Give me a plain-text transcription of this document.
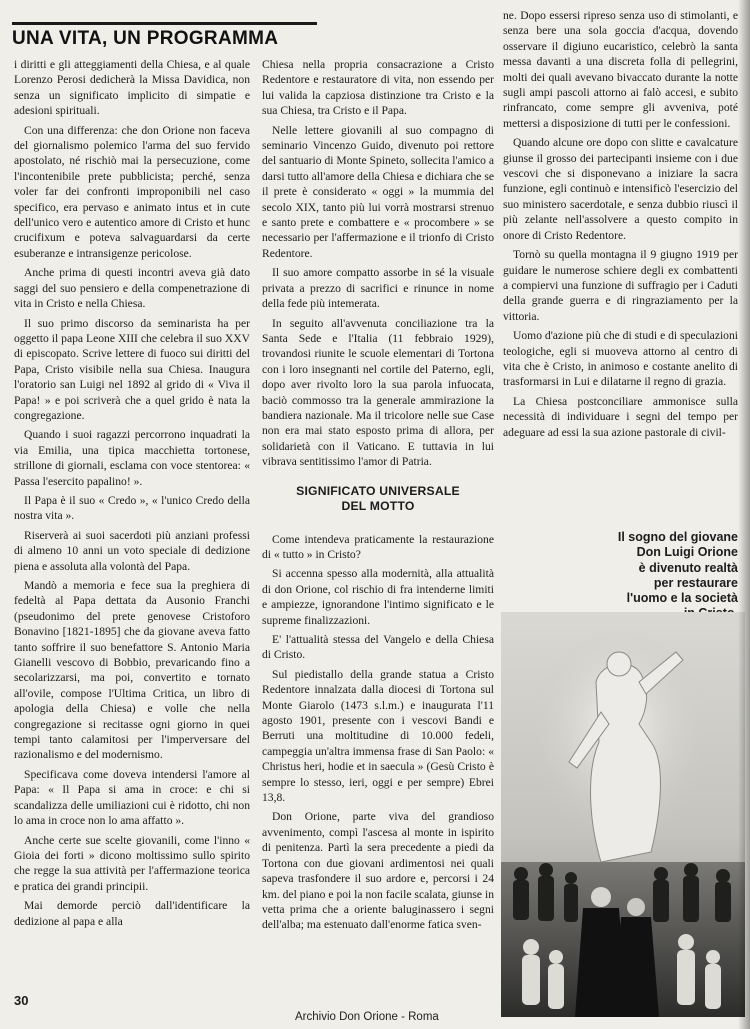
UNA VITA, UN PROGRAMMA

i diritti e gli atteggiamenti della Chiesa, e al quale Lorenzo Perosi dedicherà la Missa Davidica, non senza un significato implicito di simpatie e adesioni spirituali.

Con una differenza: che don Orione non faceva del giornalismo polemico l'arma del suo fervido apostolato, né rischiò mai la persecuzione, come l'incontenibile prete pubblicista; perché, senza voler far dei confronti improponibili nel caso specifico, era pervaso e animato intus et in cute dell'unico vero e autentico amore di Cristo et hunc crucifixum e poteva salvaguardarsi da certe esuberanze e intransigenze pericolose.

Anche prima di questi incontri aveva già dato saggi del suo pensiero e della compenetrazione di vita in Cristo e nella Chiesa.

Il suo primo discorso da seminarista ha per oggetto il papa Leone XIII che celebra il suo XXV di episcopato. Scrive lettere di fuoco sui diritti del Papa, Cristo visibile nella sua Chiesa. Inaugura l'oratorio san Luigi nel 1892 al grido di « Viva il Papa! » e poi scriverà che a quel grido è nata la congregazione.

Quando i suoi ragazzi percorrono inquadrati la via Emilia, una tipica macchietta tortonese, strillone di giornali, esclama con voce stentorea: « Passa l'esercito papalino! ».

Il Papa è il suo « Credo », « l'unico Credo della nostra vita ».

Riserverà ai suoi sacerdoti più anziani professi di almeno 10 anni un voto speciale di dedizione piena e assoluta alla volontà del Papa.

Mandò a memoria e fece sua la preghiera di fedeltà al Papa dettata da Ausonio Franchi (pseudonimo del prete genovese Cristoforo Bonavino [1821-1895] che da giovane aveva fatto tanto soffrire il suo benefattore S. Antonio Maria Gianelli vescovo di Bobbio, prevaricando fino a secolarizzarsi, ma poi, convertito e tornato all'ovile, compose l'Ultima Critica, un libro di apologia della Chiesa) e volle che nella congregazione si recitasse ogni giorno in quei tempi tanto calamitosi per l'imperversare del razionalismo e del modernismo.

Specificava come doveva intendersi l'amore al Papa: « Il Papa si ama in croce: e chi si scandalizza delle umiliazioni cui è ridotto, chi non lo ama in croce non lo ama affatto ».

Anche certe sue scelte giovanili, come l'inno « Gioia dei forti » dicono moltissimo sullo spirito che regge la sua attività per l'affermazione teorica e pratica dei grandi principii.

Mai demorde perciò dall'identificare la dedizione al papa e alla

Chiesa nella propria consacrazione a Cristo Redentore e restauratore di vita, non essendo per lui valida la capziosa distinzione tra Cristo e la sua Chiesa, tra Cristo e il Papa.

Nelle lettere giovanili al suo compagno di seminario Vincenzo Guido, divenuto poi rettore del santuario di Monte Spineto, sollecita l'amico a darsi tutto all'amore della Chiesa e dichiara che se il prete è considerato « oggi » la mummia del secolo XIX, tanto più lui vorrà mostrarsi strenuo e santo prete e combattere e « procombere » se necessario per l'affermazione e il trionfo di Cristo Redentore.

Il suo amore compatto assorbe in sé la visuale privata a prezzo di sacrifici e rinunce in nome della fede più intemerata.

In seguito all'avvenuta conciliazione tra la Santa Sede e l'Italia (11 febbraio 1929), trovandosi riunite le scuole elementari di Tortona con i loro insegnanti nel cortile del Paterno, egli, dopo aver rivolto loro la sua parola infuocata, baciò commosso tra la generale ammirazione la bandiera nazionale. Ma il tricolore nelle sue Case non era mai stato esposto prima di allora, per solidarietà con il Vaticano. E tuttavia in lui vibrava sentitissimo l'amor di Patria.

SIGNIFICATO UNIVERSALE
DEL MOTTO

Come intendeva praticamente la restaurazione di « tutto » in Cristo?

Si accenna spesso alla modernità, alla attualità di don Orione, col rischio di fra intenderne limiti e ampiezze, ignorandone l'intimo significato e le supreme finalizzazioni.

E' l'attualità stessa del Vangelo e della Chiesa di Cristo.

Sul piedistallo della grande statua a Cristo Redentore innalzata dalla diocesi di Tortona sul Monte Giarolo (1473 s.l.m.) e inaugurata l'11 agosto 1901, presente con i vescovi Bandi e Berruti una moltitudine di 10.000 fedeli, campeggia un'altra immensa frase di San Paolo: « Christus heri, hodie et in saecula » (Gesù Cristo è sempre lo stesso, ieri, oggi e per sempre) Ebrei 13,8.

Don Orione, parte viva del grandioso avvenimento, compì l'ascesa al monte in ispirito di penitenza. Partì la sera precedente a piedi da Tortona con due giovani ardimentosi nei quali sapeva trasfondere il suo ardore e, percorsi i 24 km. del piano e poi la non facile scalata, giunse in vetta prima che a oriente baluginassero i segni dell'alba; ma estenuato dall'enorme fatica sven-

ne. Dopo essersi ripreso senza uso di stimolanti, e senza bere una sola goccia d'acqua, dovendo osservare il digiuno eucaristico, celebrò la santa messa davanti a una discreta folla di pellegrini, molti dei quali avevano bivaccato durante la notte sugli ampi pascoli attorno ai falò accesi, e subito rinfrancato, come sempre gli avveniva, poté mettersi a disposizione di tutti per le confessioni.

Quando alcune ore dopo con slitte e cavalcature giunse il grosso dei partecipanti insieme con i due vescovi che si disponevano a iniziare la sacra funzione, egli continuò e intensificò l'esercizio del suo ministero sacerdotale, e senza dubbio riuscì il più zelante nell'assolvere a questo compito in onore di Cristo Redentore.

Tornò su quella montagna il 9 giugno 1919 per guidare le numerose schiere degli ex combattenti a compiervi una funzione di suffragio per i Caduti della grande guerra e di ringraziamento per la vittoria.

Uomo d'azione più che di studi e di speculazioni teologiche, egli si muoveva attorno al centro di vita che è Cristo, in animoso e costante anelito di trasformarsi in Lui e dilatarne il regno di grazia.

La Chiesa postconciliare ammonisce sulla necessità di individuare i segni del tempo per adeguare ad essi la sua azione pastorale di civil-

Il sogno del giovane
Don Luigi Orione
è divenuto realtà
per restaurare
l'uomo e la società
30
Archivio Don Orione - Roma
